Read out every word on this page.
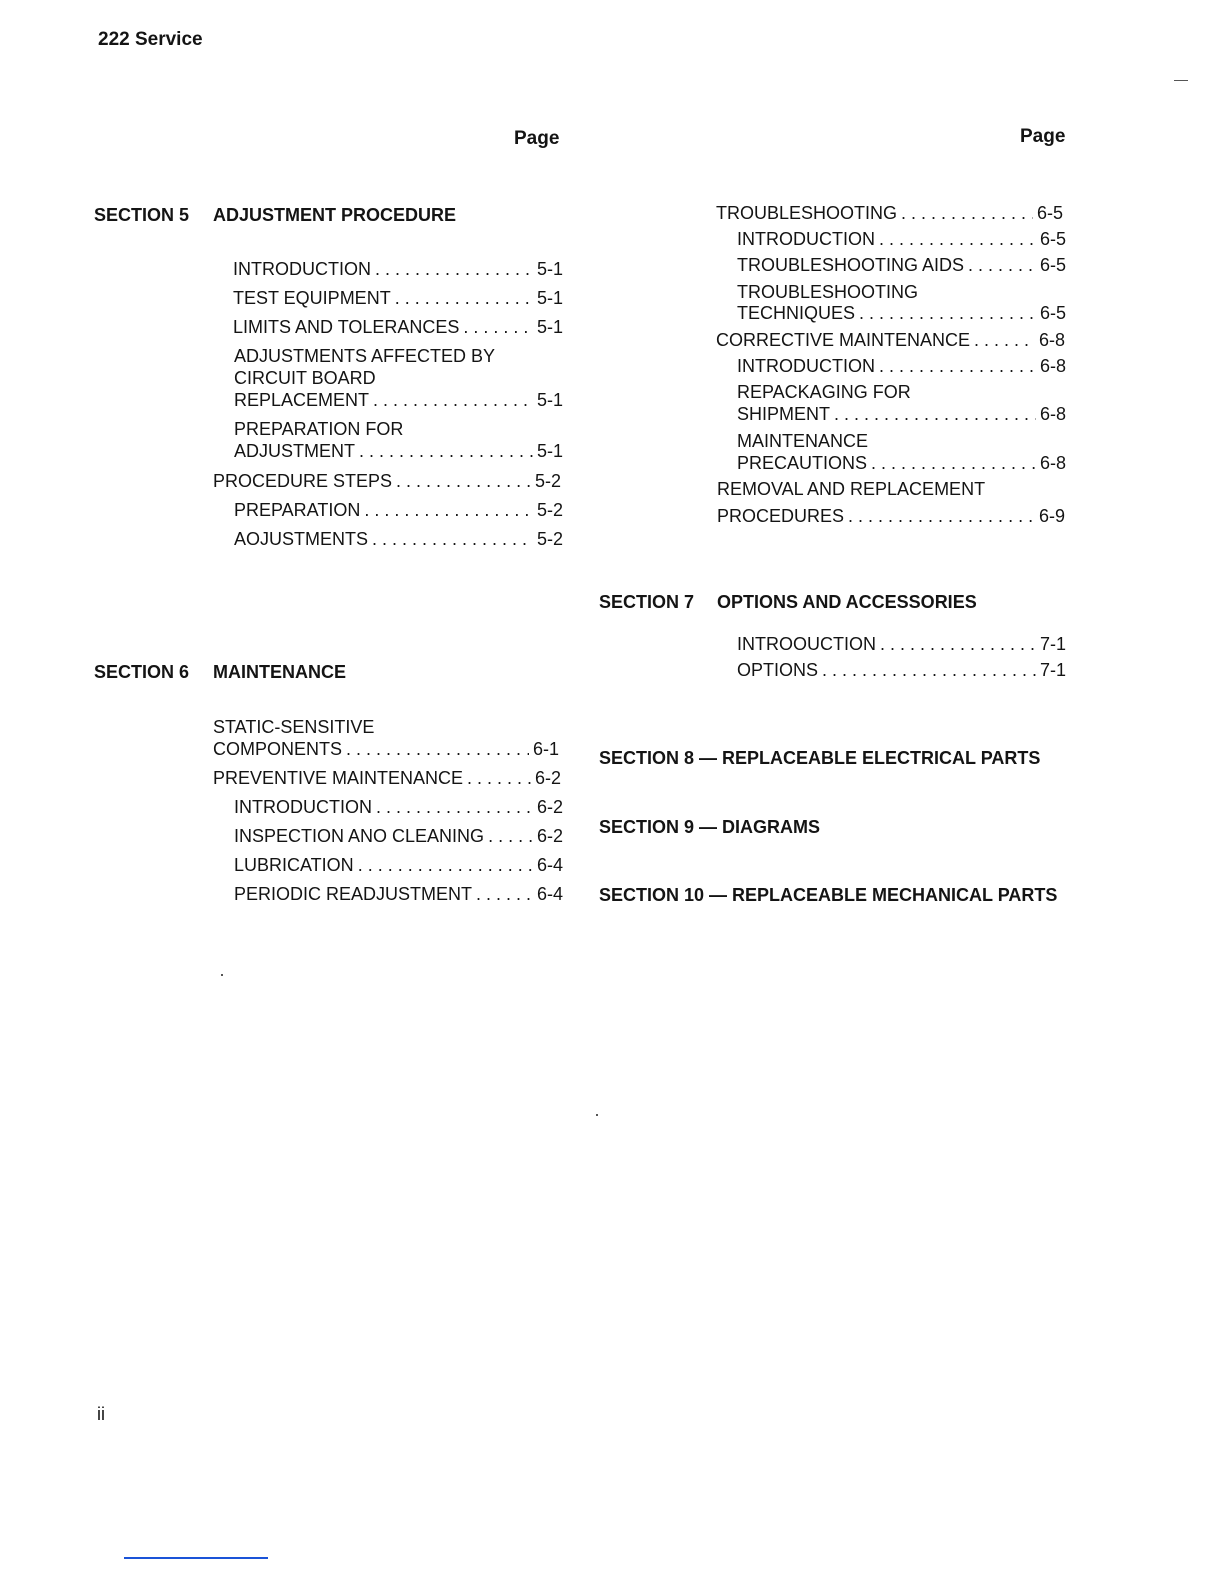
222 Service
Page	Page
SECTION 5 ADJUSTMENT PROCEDURE
INTRODUCTION . . .	5-1
TEST EQUIPMENT . . .	5-1
LIMITS AND TOLERANCES . . .	5-1
ADJUSTMENTS AFFECTED BY
CIRCUIT BOARD
REPLACEMENT . . .	5-1
PREPARATION FOR
ADJUSTMENT . . .	5-1
PROCEDURE STEPS . . .	5-2
PREPARATION . . .	5-2
AOJUSTMENTS . . .	5-2
SECTION 6 MAINTENANCE
STATIC-SENSITIVE
COMPONENTS . . .	6-1
PREVENTIVE MAINTENANCE . . .	6-2
INTRODUCTION . . .	6-2
INSPECTION ANO CLEANING . . .	6-2
LUBRICATION . . .	6-4
PERIODIC READJUSTMENT . . .	6-4
TROUBLESHOOTING . . .	6-5
INTRODUCTION . . .	6-5
TROUBLESHOOTING AIDS . . .	6-5
TROUBLESHOOTING
TECHNIQUES . . .	6-5
CORRECTIVE MAINTENANCE . . .	6-8
INTRODUCTION . . .	6-8
REPACKAGING FOR
SHIPMENT . . .	6-8
MAINTENANCE
PRECAUTIONS . . .	6-8
REMOVAL AND REPLACEMENT
PROCEDURES . . .	6-9
SECTION 7 OPTIONS AND ACCESSORIES
INTROOUCTION . . .	7-1
OPTIONS . . .	7-1
SECTION 8 — REPLACEABLE ELECTRICAL PARTS
SECTION 9 — DIAGRAMS
SECTION 10 — REPLACEABLE MECHANICAL PARTS
ii
